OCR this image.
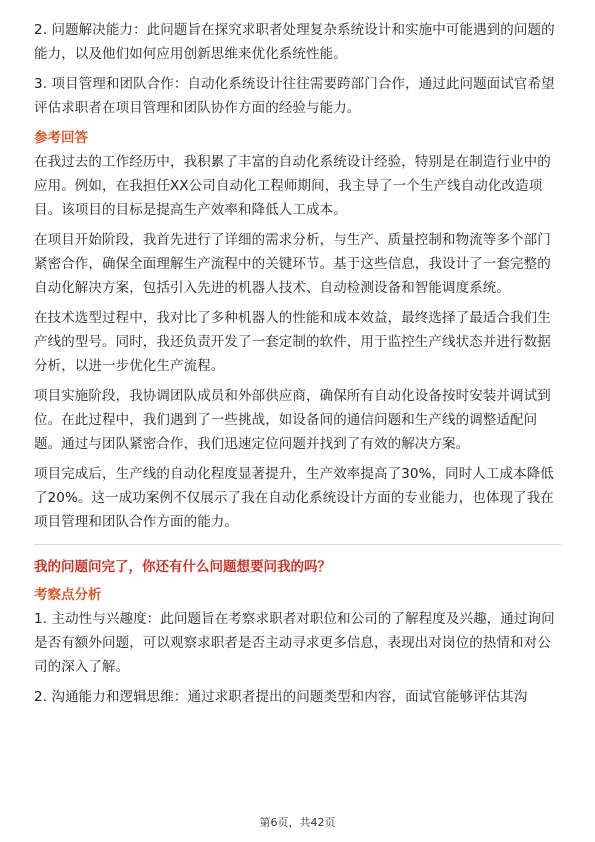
2. 问题解决能力：此问题旨在探究求职者处理复杂系统设计和实施中可能遇到的问题的能力，以及他们如何应用创新思维来优化系统性能。

3. 项目管理和团队合作：自动化系统设计往往需要跨部门合作，通过此问题面试官希望评估求职者在项目管理和团队协作方面的经验与能力。

参考回答

在我过去的工作经历中，我积累了丰富的自动化系统设计经验，特别是在制造行业中的应用。例如，在我担任XX公司自动化工程师期间，我主导了一个生产线自动化改造项目。该项目的目标是提高生产效率和降低人工成本。

在项目开始阶段，我首先进行了详细的需求分析，与生产、质量控制和物流等多个部门紧密合作，确保全面理解生产流程中的关键环节。基于这些信息，我设计了一套完整的自动化解决方案，包括引入先进的机器人技术、自动检测设备和智能调度系统。

在技术选型过程中，我对比了多种机器人的性能和成本效益，最终选择了最适合我们生产线的型号。同时，我还负责开发了一套定制的软件，用于监控生产线状态并进行数据分析，以进一步优化生产流程。

项目实施阶段，我协调团队成员和外部供应商，确保所有自动化设备按时安装并调试到位。在此过程中，我们遇到了一些挑战，如设备间的通信问题和生产线的调整适配问题。通过与团队紧密合作，我们迅速定位问题并找到了有效的解决方案。

项目完成后，生产线的自动化程度显著提升，生产效率提高了30%，同时人工成本降低了20%。这一成功案例不仅展示了我在自动化系统设计方面的专业能力，也体现了我在项目管理和团队合作方面的能力。

我的问题问完了，你还有什么问题想要问我的吗？
考察点分析

1. 主动性与兴趣度：此问题旨在考察求职者对职位和公司的了解程度及兴趣，通过询问是否有额外问题，可以观察求职者是否主动寻求更多信息，表现出对岗位的热情和对公司的深入了解。

2. 沟通能力和逻辑思维：通过求职者提出的问题类型和内容，面试官能够评估其沟

第6页，共42页
